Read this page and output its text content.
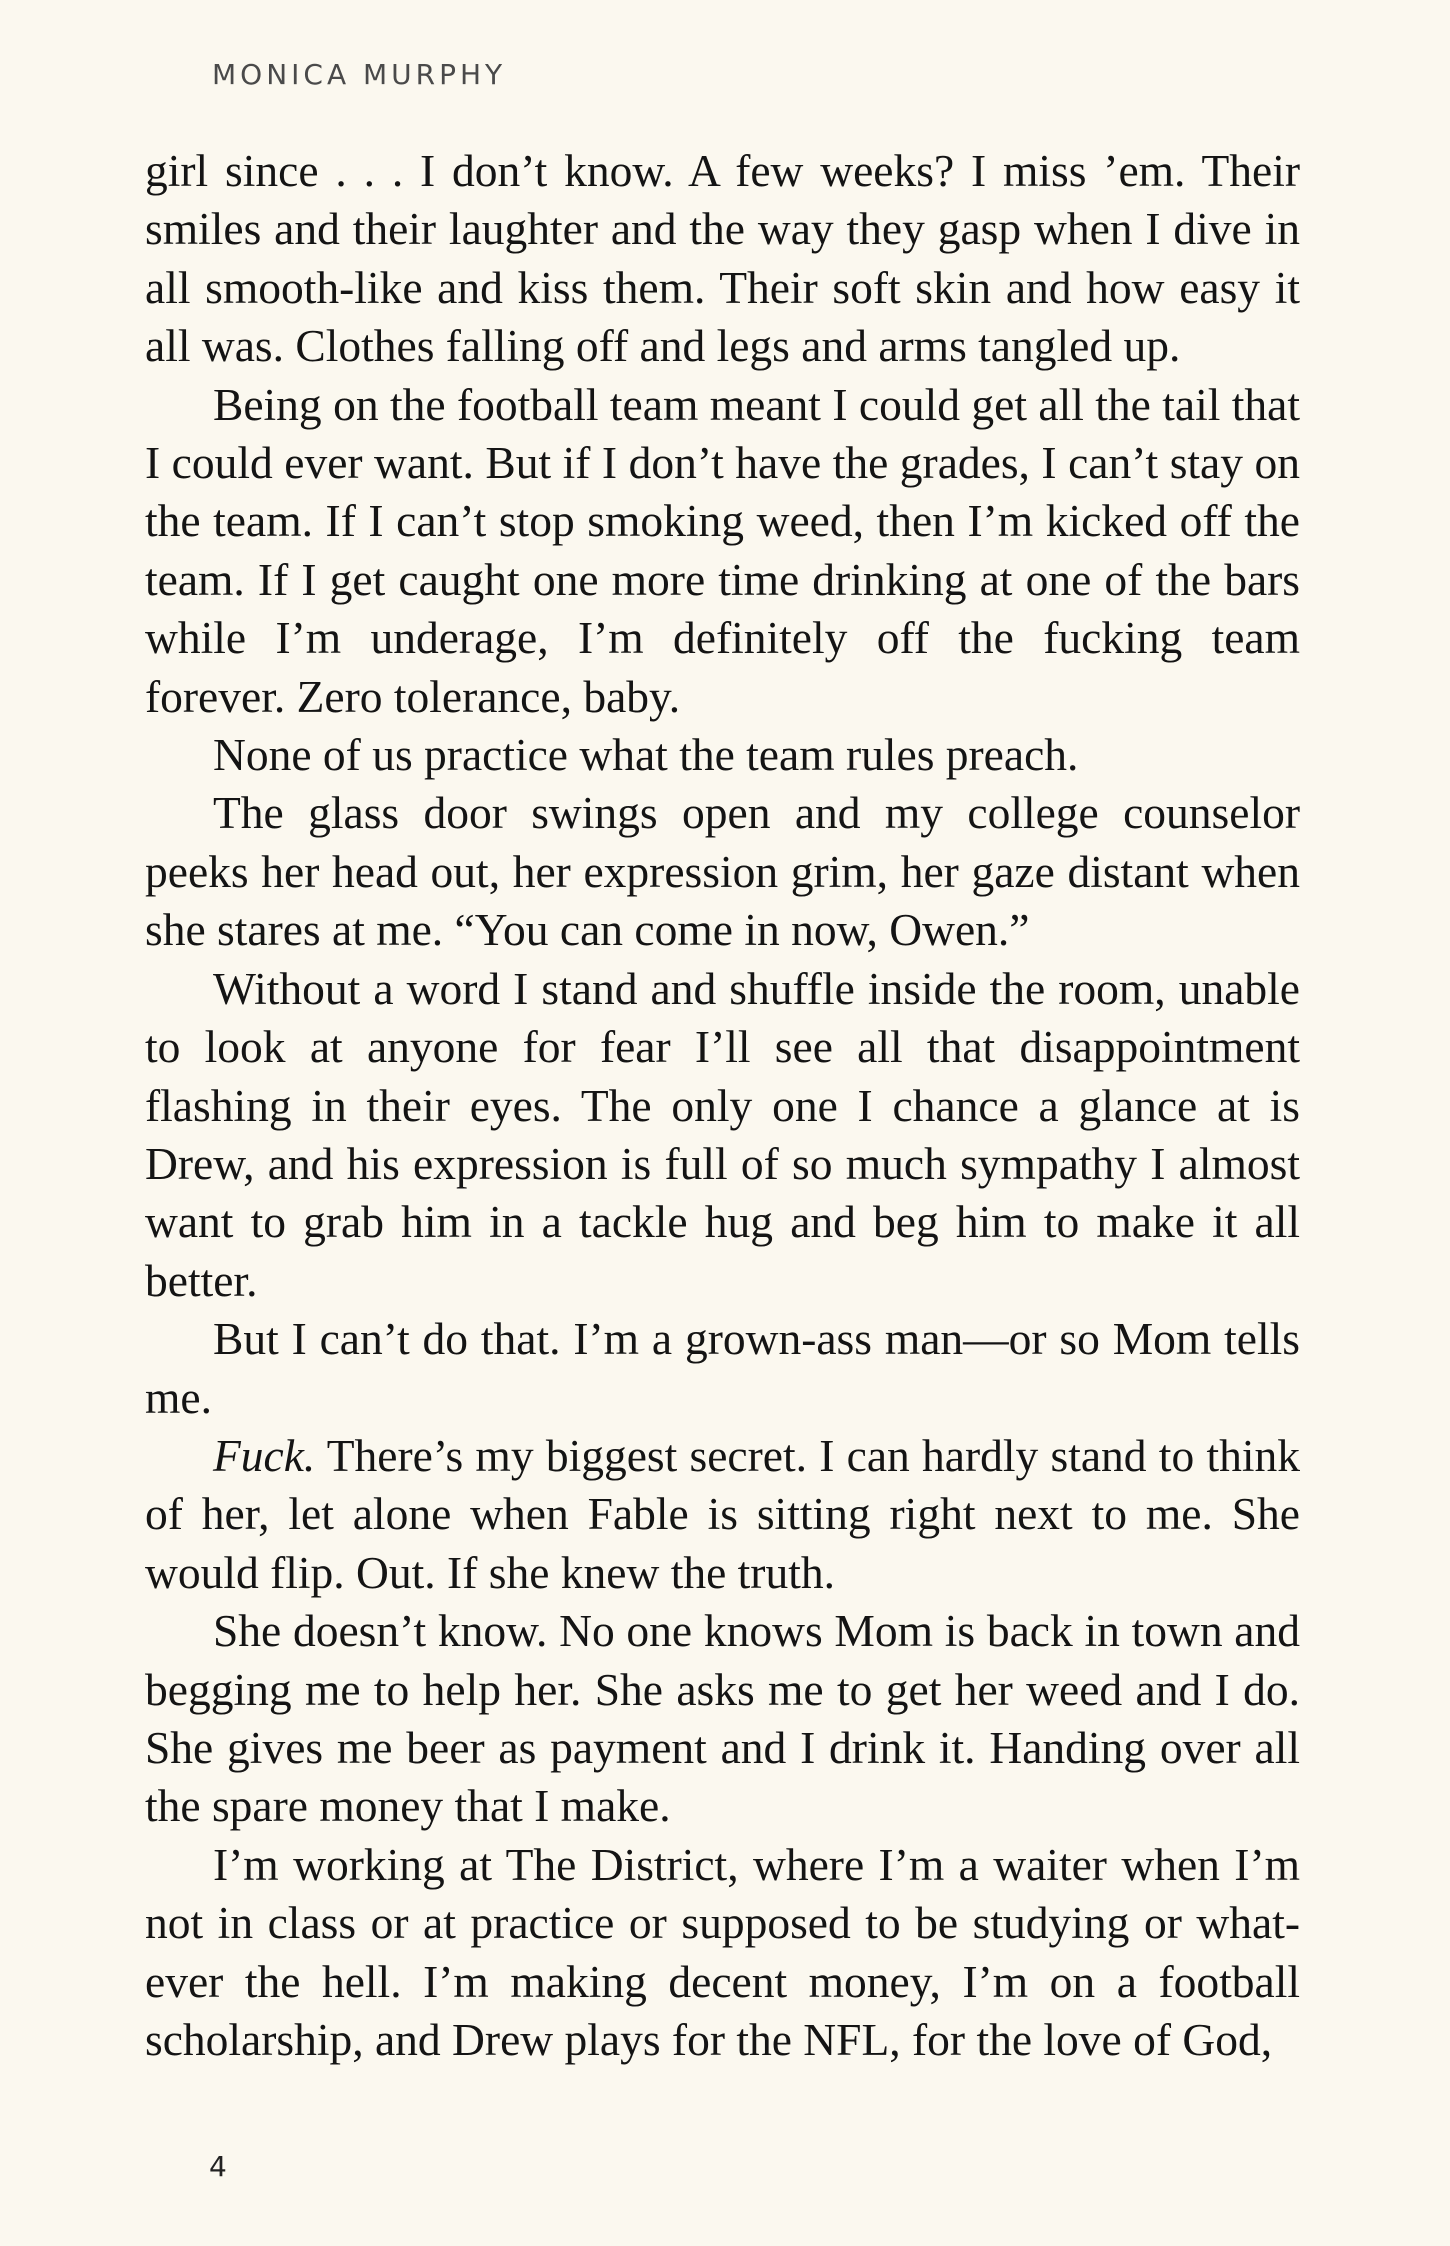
MONICA MURPHY

girl since . . . I don’t know. A few weeks? I miss ’em. Their smiles and their laughter and the way they gasp when I dive in all smooth-like and kiss them. Their soft skin and how easy it all was. Clothes falling off and legs and arms tangled up.

Being on the football team meant I could get all the tail that I could ever want. But if I don’t have the grades, I can’t stay on the team. If I can’t stop smoking weed, then I’m kicked off the team. If I get caught one more time drinking at one of the bars while I’m underage, I’m definitely off the fucking team forever. Zero tolerance, baby.

None of us practice what the team rules preach.

The glass door swings open and my college counselor peeks her head out, her expression grim, her gaze distant when she stares at me. “You can come in now, Owen.”

Without a word I stand and shuffle inside the room, unable to look at anyone for fear I’ll see all that disappointment flashing in their eyes. The only one I chance a glance at is Drew, and his expression is full of so much sympathy I almost want to grab him in a tackle hug and beg him to make it all better.

But I can’t do that. I’m a grown-ass man—or so Mom tells me.

Fuck. There’s my biggest secret. I can hardly stand to think of her, let alone when Fable is sitting right next to me. She would flip. Out. If she knew the truth.

She doesn’t know. No one knows Mom is back in town and begging me to help her. She asks me to get her weed and I do. She gives me beer as payment and I drink it. Handing over all the spare money that I make.

I’m working at The District, where I’m a waiter when I’m not in class or at practice or supposed to be studying or whatever the hell. I’m making decent money, I’m on a football scholarship, and Drew plays for the NFL, for the love of God,

4
